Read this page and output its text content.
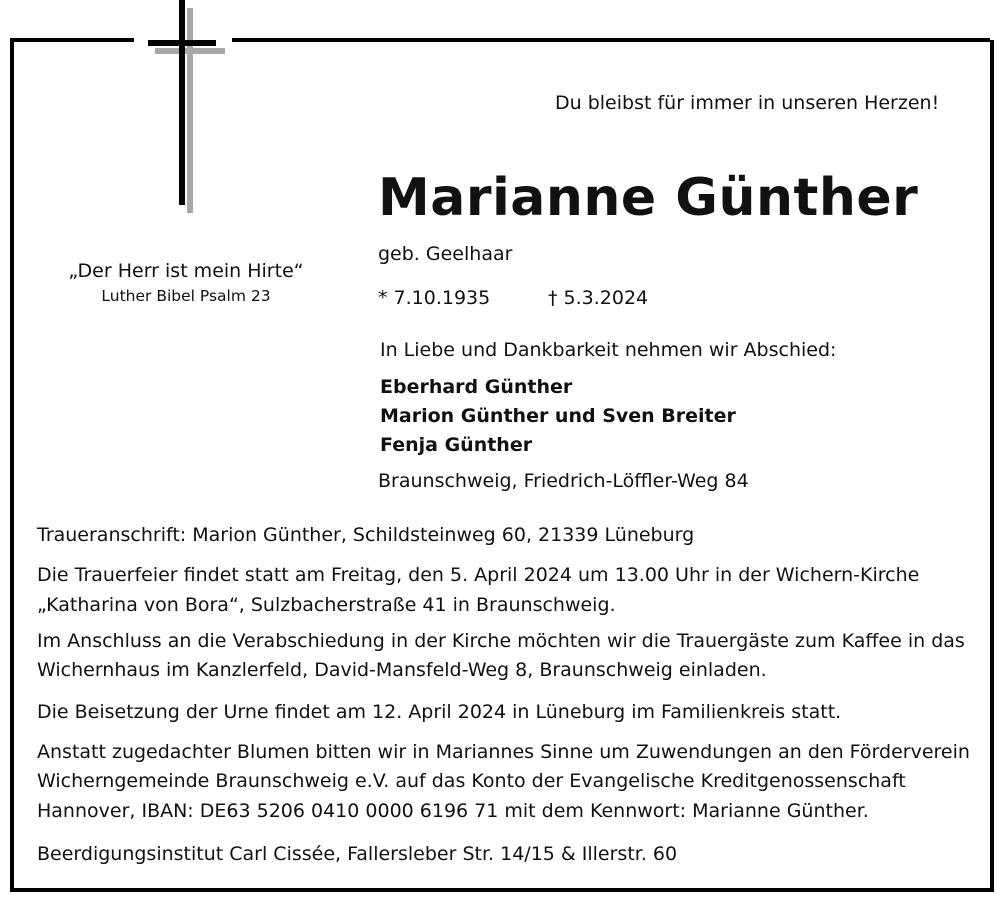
Du bleibst für immer in unseren Herzen!
Marianne Günther
geb. Geelhaar
* 7.10.1935	† 5.3.2024
„Der Herr ist mein Hirte“
Luther Bibel Psalm 23
In Liebe und Dankbarkeit nehmen wir Abschied:
Eberhard Günther
Marion Günther und Sven Breiter
Fenja Günther
Braunschweig, Friedrich-Löffler-Weg 84
Traueranschrift: Marion Günther, Schildsteinweg 60, 21339 Lüneburg
Die Trauerfeier findet statt am Freitag, den 5. April 2024 um 13.00 Uhr in der Wichern-Kirche
„Katharina von Bora“, Sulzbacherstraße 41 in Braunschweig.
Im Anschluss an die Verabschiedung in der Kirche möchten wir die Trauergäste zum Kaffee in das
Wichernhaus im Kanzlerfeld, David-Mansfeld-Weg 8, Braunschweig einladen.
Die Beisetzung der Urne findet am 12. April 2024 in Lüneburg im Familienkreis statt.
Anstatt zugedachter Blumen bitten wir in Mariannes Sinne um Zuwendungen an den Förderverein
Wicherngemeinde Braunschweig e.V. auf das Konto der Evangelische Kreditgenossenschaft
Hannover, IBAN: DE63 5206 0410 0000 6196 71 mit dem Kennwort: Marianne Günther.
Beerdigungsinstitut Carl Cissée, Fallersleber Str. 14/15 & Illerstr. 60
